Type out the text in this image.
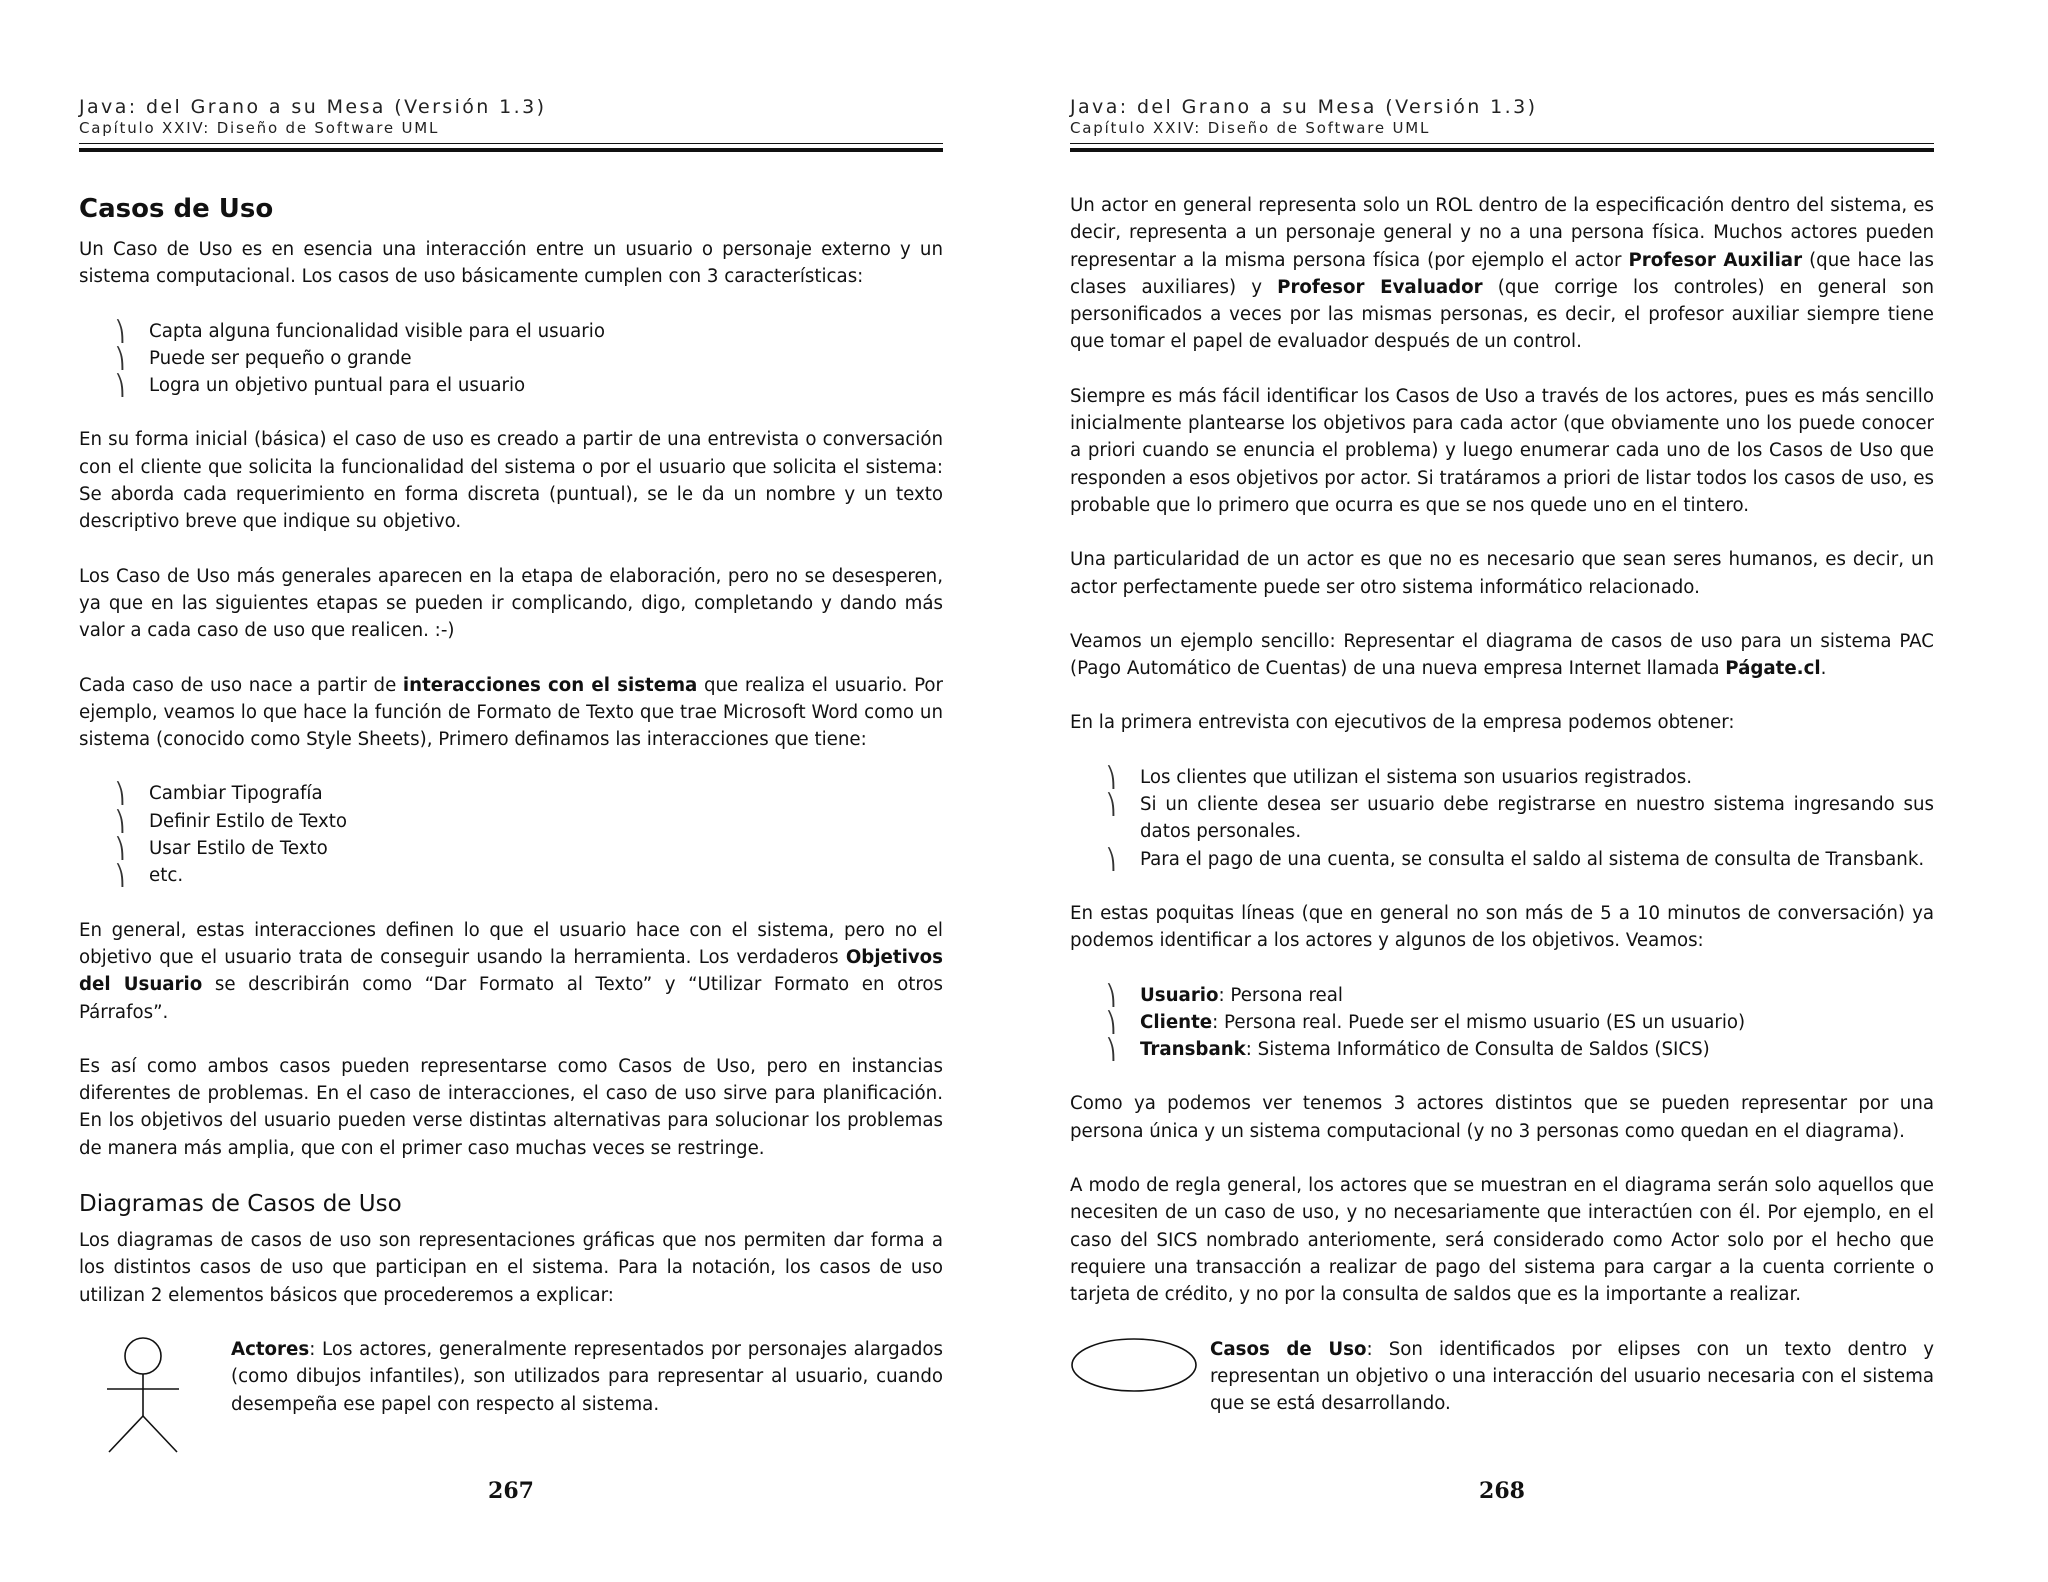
Java: del Grano a su Mesa (Versión 1.3)
Capítulo XXIV: Diseño de Software UML
Casos de Uso

Un Caso de Uso es en esencia una interacción entre un usuario o personaje externo y un sistema computacional. Los casos de uso básicamente cumplen con 3 características:

⎞ Capta alguna funcionalidad visible para el usuario
⎞ Puede ser pequeño o grande
⎞ Logra un objetivo puntual para el usuario

En su forma inicial (básica) el caso de uso es creado a partir de una entrevista o conversación con el cliente que solicita la funcionalidad del sistema o por el usuario que solicita el sistema: Se aborda cada requerimiento en forma discreta (puntual), se le da un nombre y un texto descriptivo breve que indique su objetivo.

Los Caso de Uso más generales aparecen en la etapa de elaboración, pero no se desesperen, ya que en las siguientes etapas se pueden ir complicando, digo, completando y dando más valor a cada caso de uso que realicen. :-)

Cada caso de uso nace a partir de interacciones con el sistema que realiza el usuario. Por ejemplo, veamos lo que hace la función de Formato de Texto que trae Microsoft Word como un sistema (conocido como Style Sheets), Primero definamos las interacciones que tiene:

⎞ Cambiar Tipografía
⎞ Definir Estilo de Texto
⎞ Usar Estilo de Texto
⎞ etc.

En general, estas interacciones definen lo que el usuario hace con el sistema, pero no el objetivo que el usuario trata de conseguir usando la herramienta. Los verdaderos Objetivos del Usuario se describirán como “Dar Formato al Texto” y “Utilizar Formato en otros Párrafos”.

Es así como ambos casos pueden representarse como Casos de Uso, pero en instancias diferentes de problemas. En el caso de interacciones, el caso de uso sirve para planificación. En los objetivos del usuario pueden verse distintas alternativas para solucionar los problemas de manera más amplia, que con el primer caso muchas veces se restringe.

Diagramas de Casos de Uso

Los diagramas de casos de uso son representaciones gráficas que nos permiten dar forma a los distintos casos de uso que participan en el sistema. Para la notación, los casos de uso utilizan 2 elementos básicos que procederemos a explicar:

Actores: Los actores, generalmente representados por personajes alargados (como dibujos infantiles), son utilizados para representar al usuario, cuando desempeña ese papel con respecto al sistema.
267
Java: del Grano a su Mesa (Versión 1.3)
Capítulo XXIV: Diseño de Software UML

Un actor en general representa solo un ROL dentro de la especificación dentro del sistema, es decir, representa a un personaje general y no a una persona física. Muchos actores pueden representar a la misma persona física (por ejemplo el actor Profesor Auxiliar (que hace las clases auxiliares) y Profesor Evaluador (que corrige los controles) en general son personificados a veces por las mismas personas, es decir, el profesor auxiliar siempre tiene que tomar el papel de evaluador después de un control.

Siempre es más fácil identificar los Casos de Uso a través de los actores, pues es más sencillo inicialmente plantearse los objetivos para cada actor (que obviamente uno los puede conocer a priori cuando se enuncia el problema) y luego enumerar cada uno de los Casos de Uso que responden a esos objetivos por actor. Si tratáramos a priori de listar todos los casos de uso, es probable que lo primero que ocurra es que se nos quede uno en el tintero.

Una particularidad de un actor es que no es necesario que sean seres humanos, es decir, un actor perfectamente puede ser otro sistema informático relacionado.

Veamos un ejemplo sencillo: Representar el diagrama de casos de uso para un sistema PAC (Pago Automático de Cuentas) de una nueva empresa Internet llamada Págate.cl.

En la primera entrevista con ejecutivos de la empresa podemos obtener:

⎞ Los clientes que utilizan el sistema son usuarios registrados.
⎞ Si un cliente desea ser usuario debe registrarse en nuestro sistema ingresando sus datos personales.
⎞ Para el pago de una cuenta, se consulta el saldo al sistema de consulta de Transbank.

En estas poquitas líneas (que en general no son más de 5 a 10 minutos de conversación) ya podemos identificar a los actores y algunos de los objetivos. Veamos:

⎞ Usuario: Persona real
⎞ Cliente: Persona real. Puede ser el mismo usuario (ES un usuario)
⎞ Transbank: Sistema Informático de Consulta de Saldos (SICS)

Como ya podemos ver tenemos 3 actores distintos que se pueden representar por una persona única y un sistema computacional (y no 3 personas como quedan en el diagrama).

A modo de regla general, los actores que se muestran en el diagrama serán solo aquellos que necesiten de un caso de uso, y no necesariamente que interactúen con él. Por ejemplo, en el caso del SICS nombrado anteriomente, será considerado como Actor solo por el hecho que requiere una transacción a realizar de pago del sistema para cargar a la cuenta corriente o tarjeta de crédito, y no por la consulta de saldos que es la importante a realizar.

Casos de Uso: Son identificados por elipses con un texto dentro y representan un objetivo o una interacción del usuario necesaria con el sistema que se está desarrollando.
268
